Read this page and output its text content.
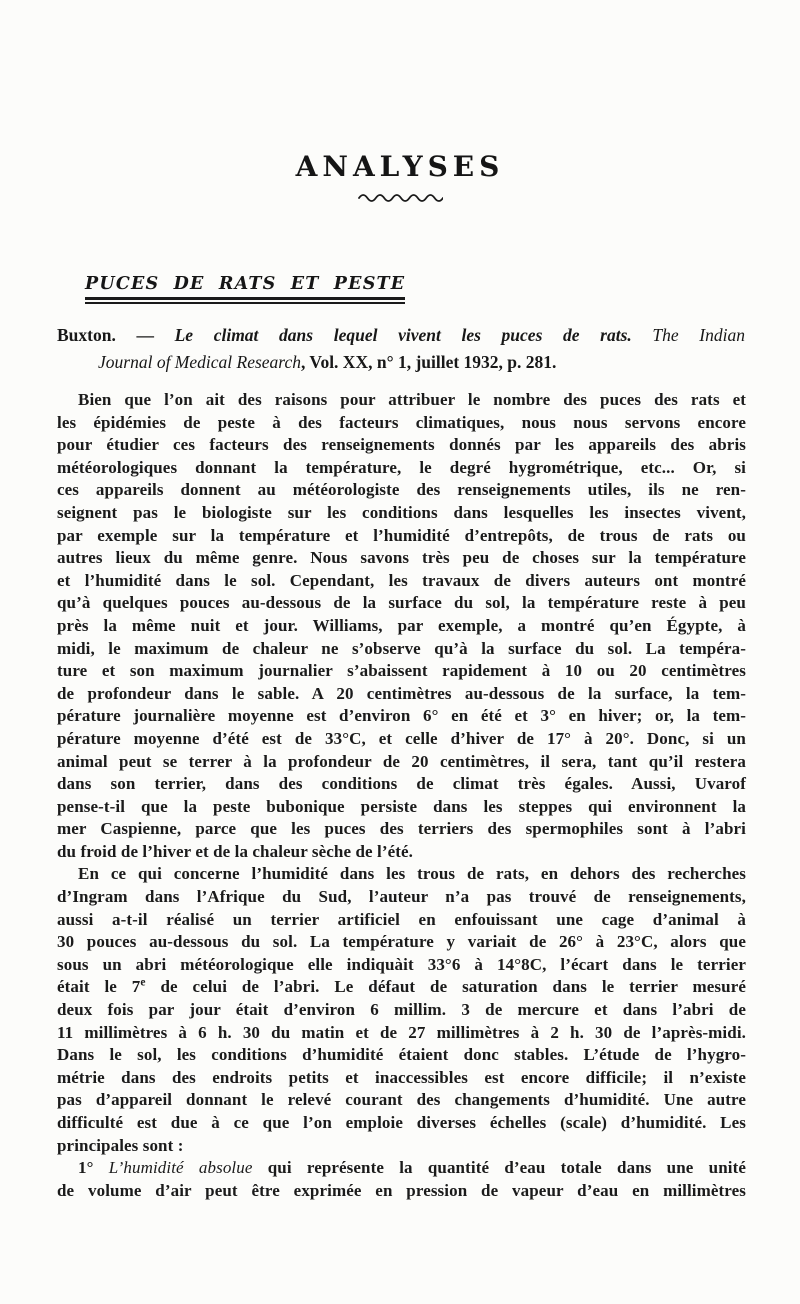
ANALYSES
PUCES DE RATS ET PESTE
Buxton. — Le climat dans lequel vivent les puces de rats. The Indian
Journal of Medical Research, Vol. XX, n° 1, juillet 1932, p. 281.
Bien que l’on ait des raisons pour attribuer le nombre des puces des rats et
les épidémies de peste à des facteurs climatiques, nous nous servons encore
pour étudier ces facteurs des renseignements donnés par les appareils des abris
météorologiques donnant la température, le degré hygrométrique, etc... Or, si
ces appareils donnent au météorologiste des renseignements utiles, ils ne ren-
seignent pas le biologiste sur les conditions dans lesquelles les insectes vivent,
par exemple sur la température et l’humidité d’entrepôts, de trous de rats ou
autres lieux du même genre. Nous savons très peu de choses sur la température
et l’humidité dans le sol. Cependant, les travaux de divers auteurs ont montré
qu’à quelques pouces au-dessous de la surface du sol, la température reste à peu
près la même nuit et jour. Williams, par exemple, a montré qu’en Égypte, à
midi, le maximum de chaleur ne s’observe qu’à la surface du sol. La tempéra-
ture et son maximum journalier s’abaissent rapidement à 10 ou 20 centimètres
de profondeur dans le sable. A 20 centimètres au-dessous de la surface, la tem-
pérature journalière moyenne est d’environ 6° en été et 3° en hiver; or, la tem-
pérature moyenne d’été est de 33°C, et celle d’hiver de 17° à 20°. Donc, si un
animal peut se terrer à la profondeur de 20 centimètres, il sera, tant qu’il restera
dans son terrier, dans des conditions de climat très égales. Aussi, Uvarof
pense-t-il que la peste bubonique persiste dans les steppes qui environnent la
mer Caspienne, parce que les puces des terriers des spermophiles sont à l’abri
du froid de l’hiver et de la chaleur sèche de l’été.
En ce qui concerne l’humidité dans les trous de rats, en dehors des recherches
d’Ingram dans l’Afrique du Sud, l’auteur n’a pas trouvé de renseignements,
aussi a-t-il réalisé un terrier artificiel en enfouissant une cage d’animal à
30 pouces au-dessous du sol. La température y variait de 26° à 23°C, alors que
sous un abri météorologique elle indiquàit 33°6 à 14°8C, l’écart dans le terrier
était le 7e de celui de l’abri. Le défaut de saturation dans le terrier mesuré
deux fois par jour était d’environ 6 millim. 3 de mercure et dans l’abri de
11 millimètres à 6 h. 30 du matin et de 27 millimètres à 2 h. 30 de l’après-midi.
Dans le sol, les conditions d’humidité étaient donc stables. L’étude de l’hygro-
métrie dans des endroits petits et inaccessibles est encore difficile; il n’existe
pas d’appareil donnant le relevé courant des changements d’humidité. Une autre
difficulté est due à ce que l’on emploie diverses échelles (scale) d’humidité. Les
principales sont :
1° L’humidité absolue qui représente la quantité d’eau totale dans une unité
de volume d’air peut être exprimée en pression de vapeur d’eau en millimètres
